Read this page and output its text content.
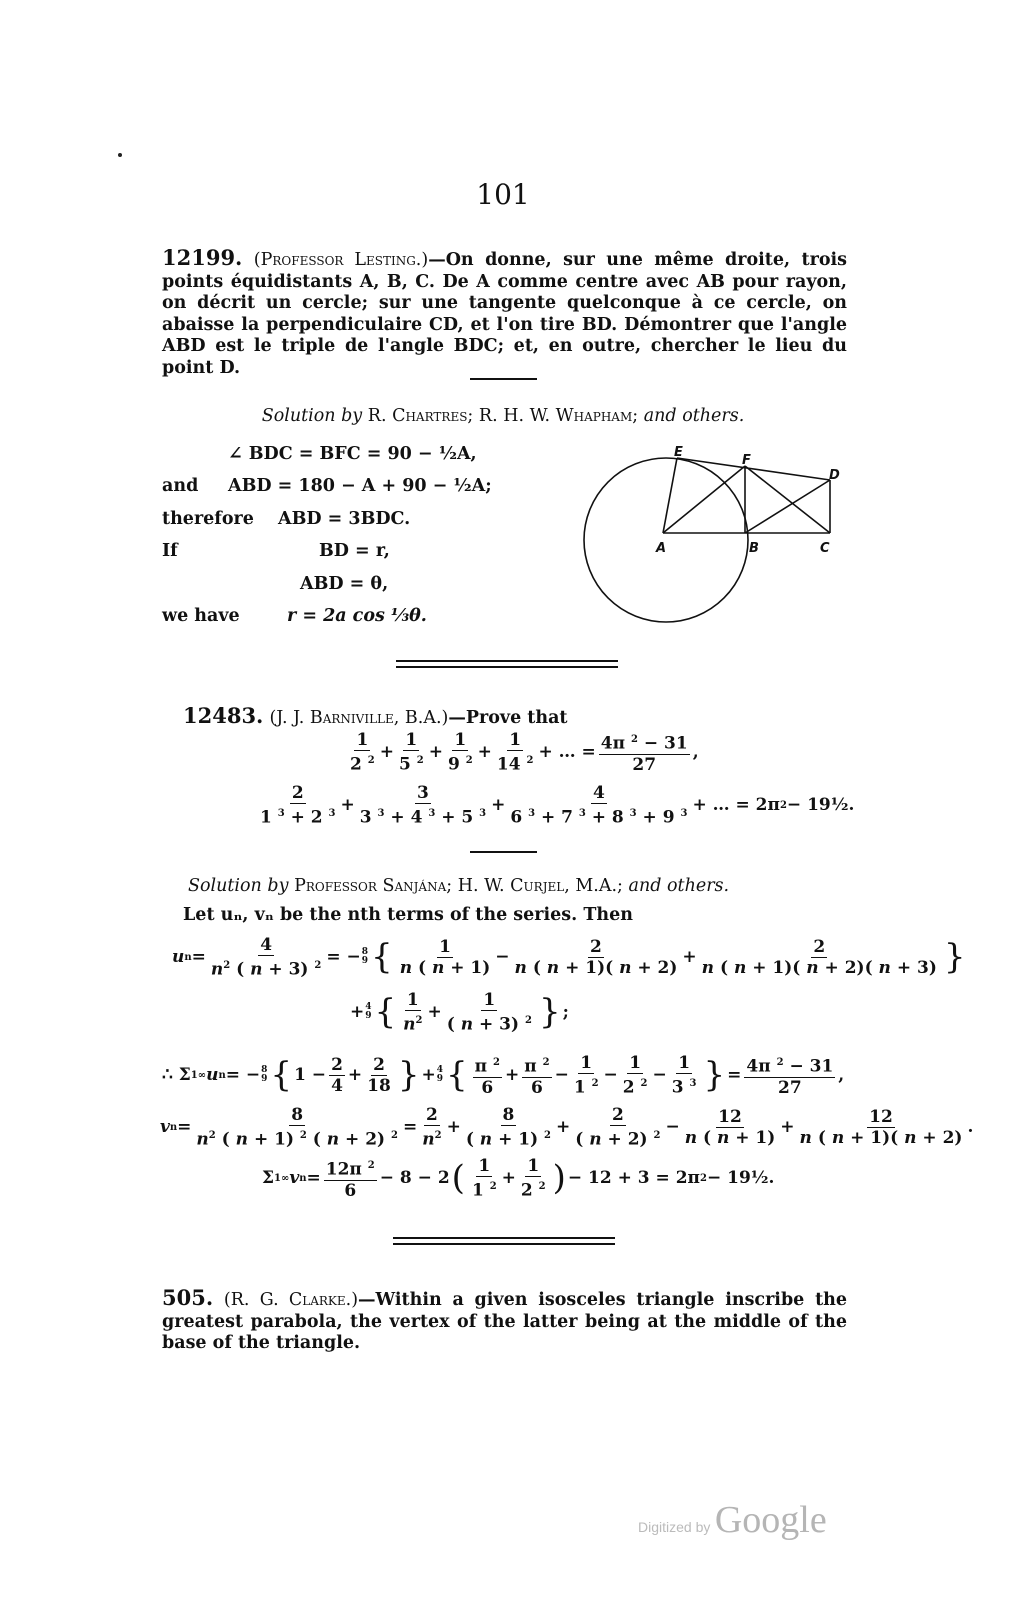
101
12199. (Professor Lesting.)—On donne, sur une même droite, trois points équidistants A, B, C. De A comme centre avec AB pour rayon, on décrit un cercle; sur une tangente quelconque à ce cercle, on abaisse la perpendiculaire CD, et l'on tire BD. Démontrer que l'angle ABD est le triple de l'angle BDC; et, en outre, chercher le lieu du point D.
Solution by R. Chartres; R. H. W. Whapham; and others.
∠ BDC = BFC = 90 − ½A,
and ABD = 180 − A + 90 − ½A;
therefore ABD = 3BDC.
If	BD = r,
ABD = θ,
we have	r = 2a cos ⅓θ.
E
F
D
A	B	C
12483. (J. J. Barniville, B.A.)—Prove that
$\frac{1}{2 ^2} + \frac{1}{5 ^2} + \frac{1}{9 ^2} + \frac{1}{14 ^2}$ + … = $\frac{4\pi ^2 - 31}{27}$ ,
$\frac{2}{1 ^3 + 2 ^3} + \frac{3}{3 ^3 + 4 ^3 + 5 ^3} + \frac{4}{6 ^3 + 7 ^3 + 8 ^3 + 9 ^3}$ + … = 2π 2 − 19½.
Solution by Professor Sanjána; H. W. Curjel, M.A.; and others.
Let uₙ, vₙ be the nth terms of the series. Then
u $n = \frac{4}{n^2 ( n + 3) ^2}$ = − 8
9 { $\frac{1}{n ( n + 1)} - \frac{2}{n ( n + 1)( n + 2)} + \frac{2}{n ( n + 1)( n + 2)( n + 3)}$ }
+ 4
9 { $\frac{1}{n^2} + \frac{1}{( n + 3) ^2}$ } ;
∴ Σ 1 ∞ u n = − 8
9 { $1 - \frac{2}{4} + \frac{2}{18}$ } + 4
9 { $\frac{\pi ^2}{6} + \frac{\pi ^2}{6} - \frac{1}{1 ^2} - \frac{1}{2 ^2} - \frac{1}{3 ^3}$ } = $\frac{4\pi ^2 - 31}{27}$ ,
v $n = \frac{8}{n^2 ( n + 1) ^2 ( n + 2) ^2} = \frac{2}{n^2} + \frac{8}{( n + 1) ^2} + \frac{2}{( n + 2) ^2} - \frac{12}{n ( n + 1)} + \frac{12}{n ( n + 1)( n + 2)}$ .
Σ 1 ∞ v $n = \frac{12\pi ^2}{6} - 8 - 2$ ( $\frac{1}{1 ^2} + \frac{1}{2 ^2}$ ) − 12 + 3 = 2π 2 − 19½.
505. (R. G. Clarke.)—Within a given isosceles triangle inscribe the greatest parabola, the vertex of the latter being at the middle of the base of the triangle.
Digitized by Google
